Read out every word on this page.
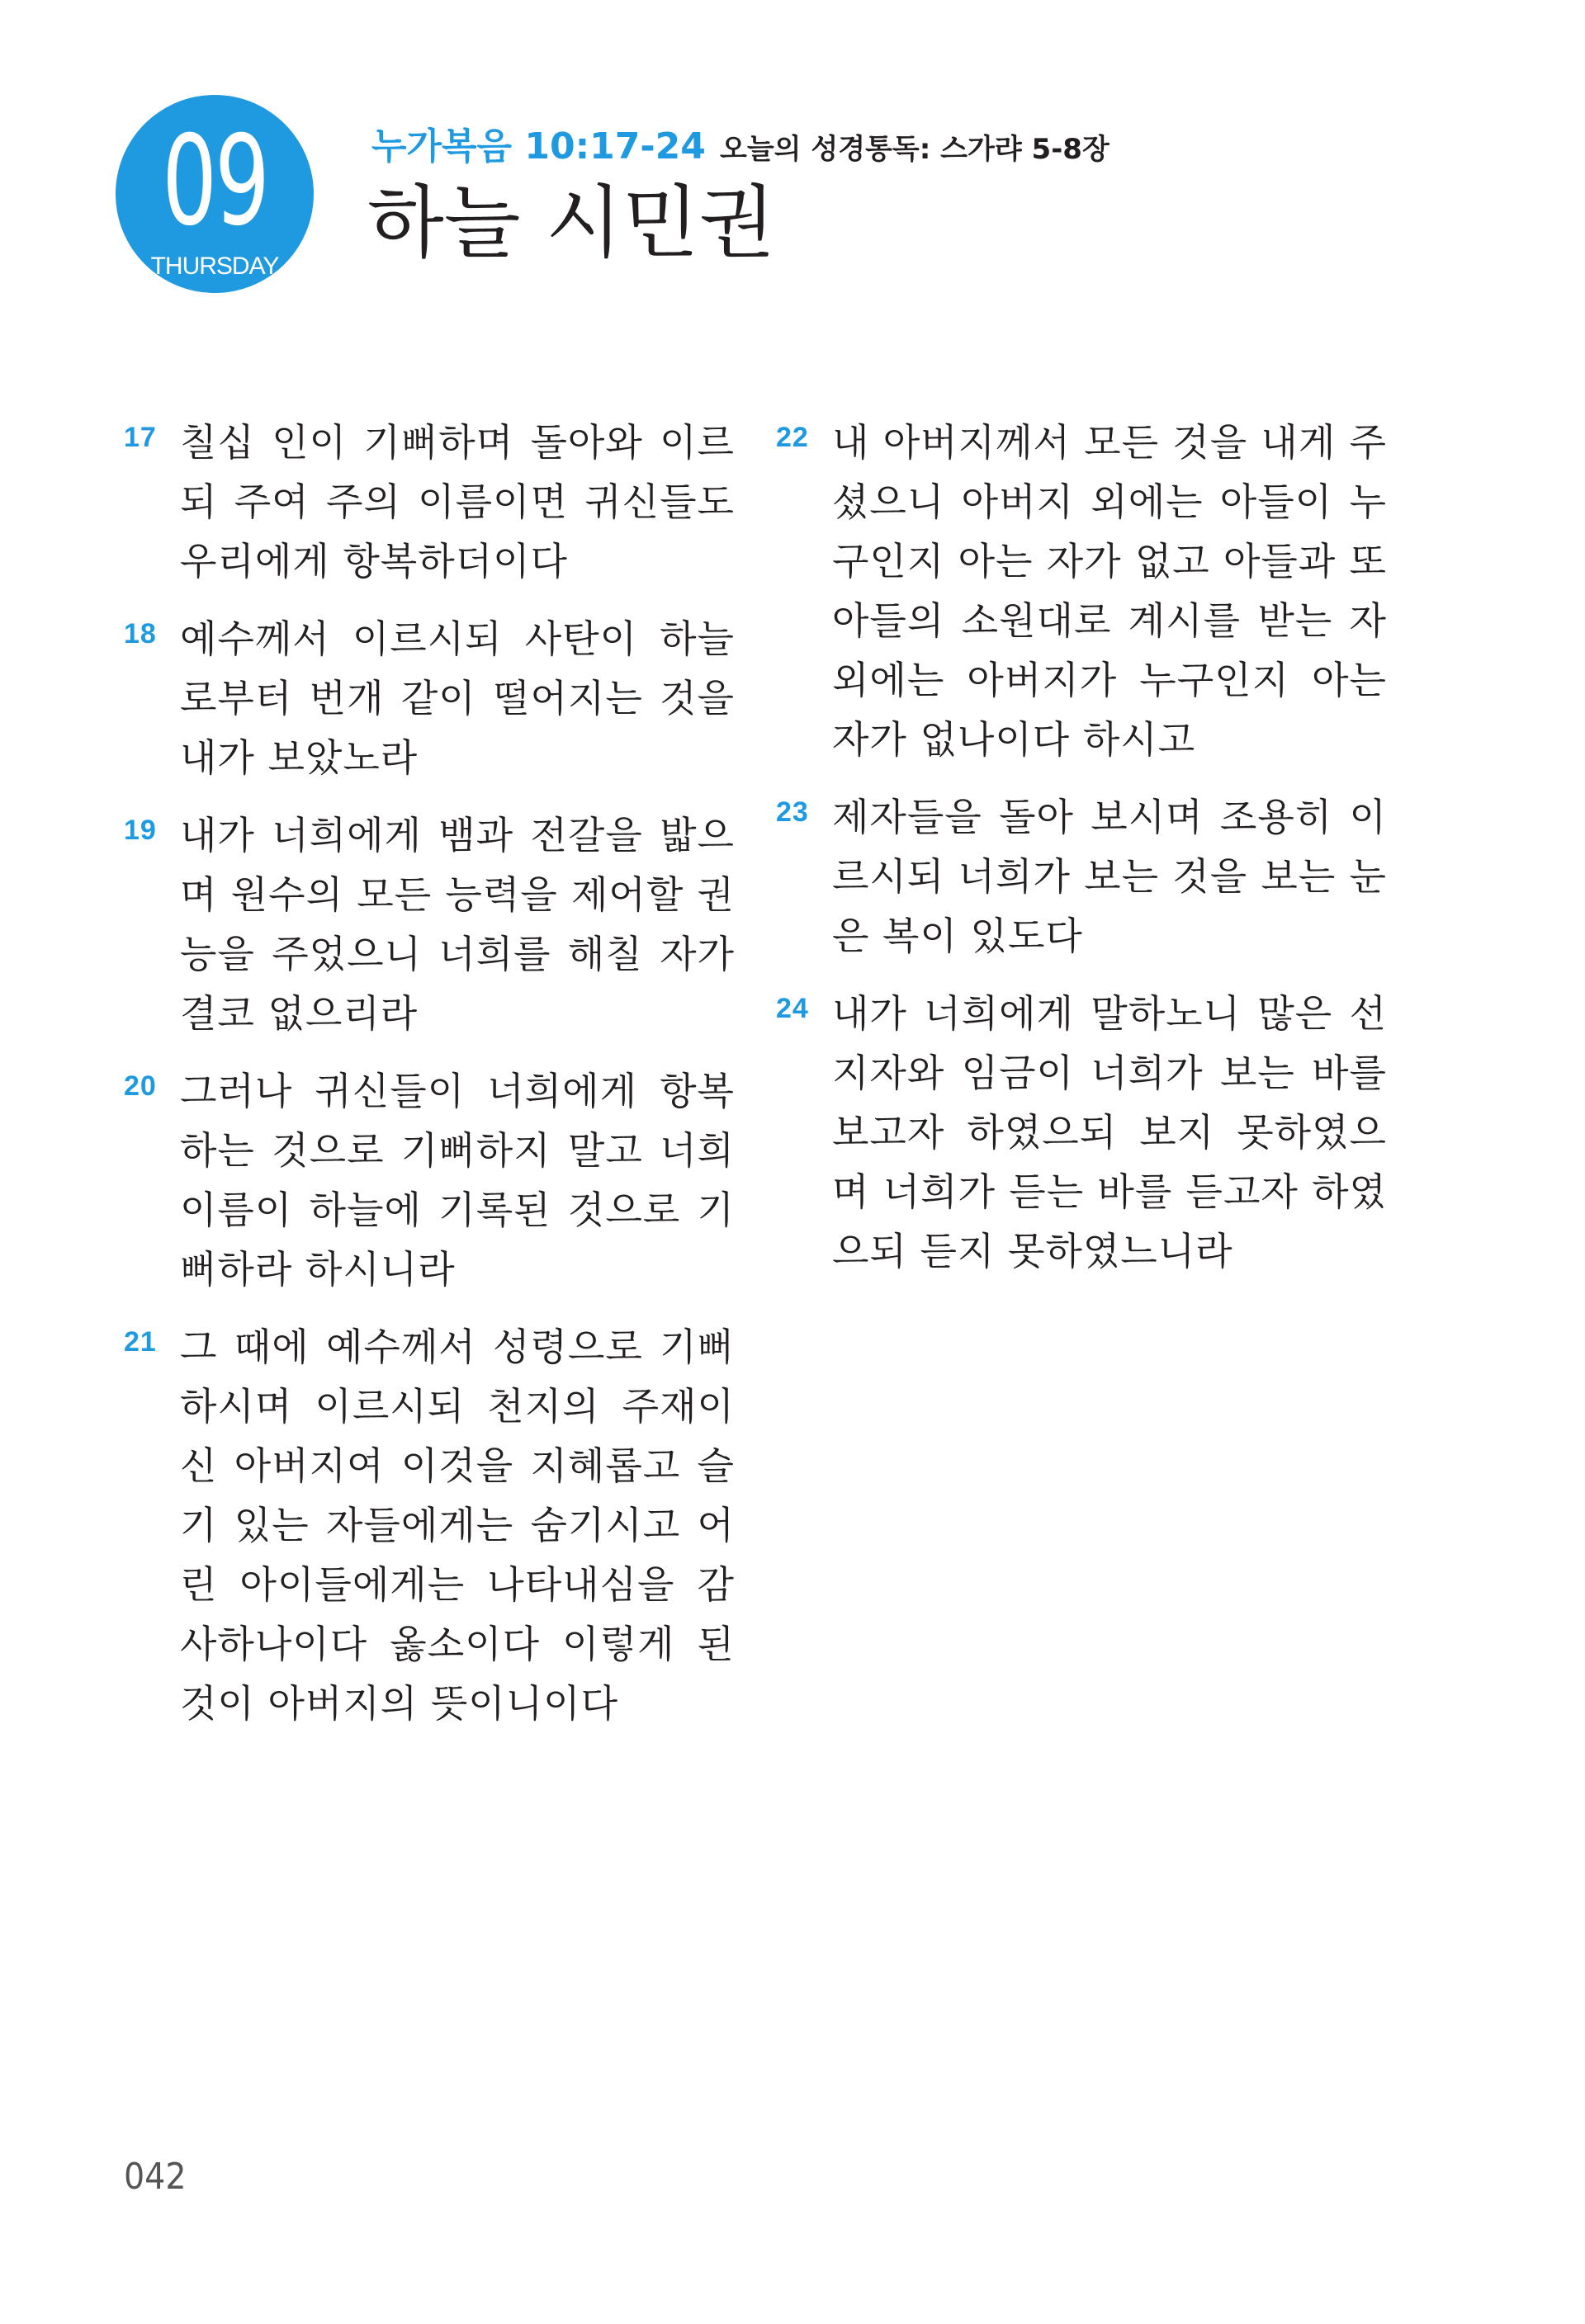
09
THURSDAY
누가복음 10:17-24 오늘의 성경통독: 스가랴 5-8장
하늘 시민권
17 칠십 인이 기뻐하며 돌아와 이르되 주여 주의 이름이면 귀신들도 우리에게 항복하더이다
18 예수께서 이르시되 사탄이 하늘로부터 번개 같이 떨어지는 것을 내가 보았노라
19 내가 너희에게 뱀과 전갈을 밟으며 원수의 모든 능력을 제어할 권능을 주었으니 너희를 해칠 자가 결코 없으리라
20 그러나 귀신들이 너희에게 항복하는 것으로 기뻐하지 말고 너희 이름이 하늘에 기록된 것으로 기뻐하라 하시니라
21 그 때에 예수께서 성령으로 기뻐하시며 이르시되 천지의 주재이신 아버지여 이것을 지혜롭고 슬기 있는 자들에게는 숨기시고 어린 아이들에게는 나타내심을 감사하나이다 옳소이다 이렇게 된 것이 아버지의 뜻이니이다
22 내 아버지께서 모든 것을 내게 주셨으니 아버지 외에는 아들이 누구인지 아는 자가 없고 아들과 또 아들의 소원대로 계시를 받는 자 외에는 아버지가 누구인지 아는 자가 없나이다 하시고
23 제자들을 돌아 보시며 조용히 이르시되 너희가 보는 것을 보는 눈은 복이 있도다
24 내가 너희에게 말하노니 많은 선지자와 임금이 너희가 보는 바를 보고자 하였으되 보지 못하였으며 너희가 듣는 바를 듣고자 하였으되 듣지 못하였느니라
042
